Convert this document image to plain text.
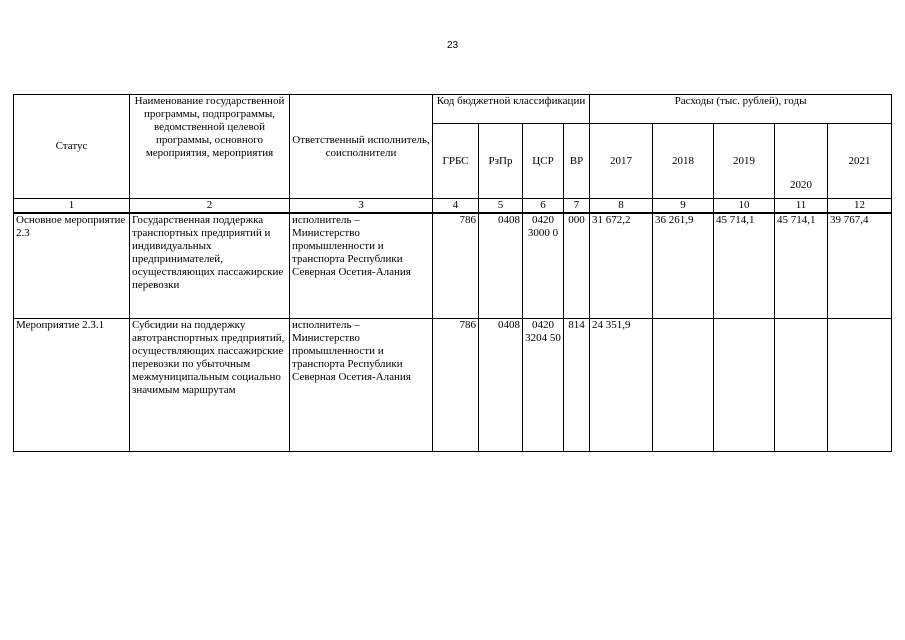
23
Статус	Наименование государственной программы, подпрограммы, ведомственной целевой программы, основного мероприятия, мероприятия	Ответственный исполнитель, соисполнители	Код бюджетной классификации				Расходы (тыс. рублей), годы				
			ГРБС	РзПр	ЦСР	ВР	2017	2018	2019	2020	2021
1	2	3	4	5	6	7	8	9	10	11	12
Основное мероприятие 2.3	Государственная поддержка транспортных предприятий и индивидуальных предпринимателей, осуществляющих пассажирские перевозки	исполнитель – Министерство промышленности и транспорта Республики Северная Осетия-Алания	786	0408	0420 3000 0	000	31 672,2	36 261,9	45 714,1	45 714,1	39 767,4
Мероприятие 2.3.1	Субсидии на поддержку автотранспортных предприятий, осуществляющих пассажирские перевозки по убыточным межмуниципальным социально значимым маршрутам	исполнитель – Министерство промышленности и транспорта Республики Северная Осетия-Алания	786	0408	0420 3204 50	814	24 351,9				
